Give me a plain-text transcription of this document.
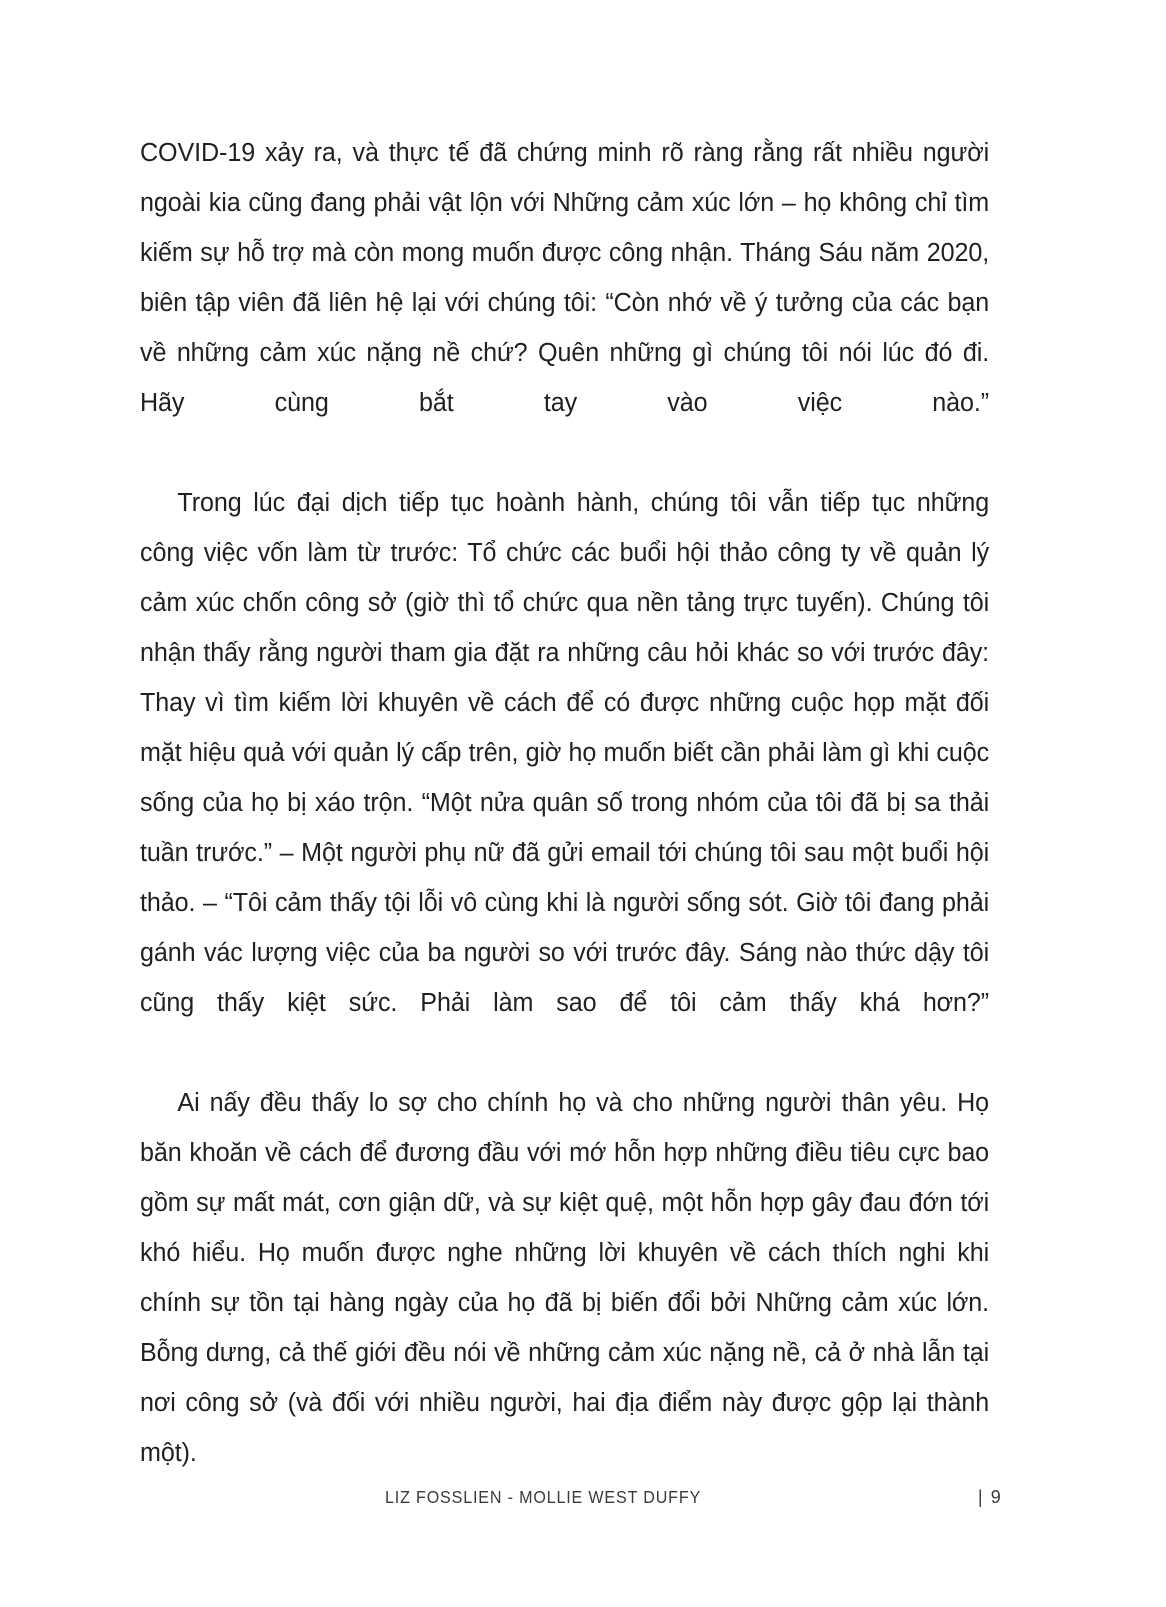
COVID-19 xảy ra, và thực tế đã chứng minh rõ ràng rằng rất nhiều người ngoài kia cũng đang phải vật lộn với Những cảm xúc lớn – họ không chỉ tìm kiếm sự hỗ trợ mà còn mong muốn được công nhận. Tháng Sáu năm 2020, biên tập viên đã liên hệ lại với chúng tôi: “Còn nhớ về ý tưởng của các bạn về những cảm xúc nặng nề chứ? Quên những gì chúng tôi nói lúc đó đi. Hãy cùng bắt tay vào việc nào.”

Trong lúc đại dịch tiếp tục hoành hành, chúng tôi vẫn tiếp tục những công việc vốn làm từ trước: Tổ chức các buổi hội thảo công ty về quản lý cảm xúc chốn công sở (giờ thì tổ chức qua nền tảng trực tuyến). Chúng tôi nhận thấy rằng người tham gia đặt ra những câu hỏi khác so với trước đây: Thay vì tìm kiếm lời khuyên về cách để có được những cuộc họp mặt đối mặt hiệu quả với quản lý cấp trên, giờ họ muốn biết cần phải làm gì khi cuộc sống của họ bị xáo trộn. “Một nửa quân số trong nhóm của tôi đã bị sa thải tuần trước.” – Một người phụ nữ đã gửi email tới chúng tôi sau một buổi hội thảo. – “Tôi cảm thấy tội lỗi vô cùng khi là người sống sót. Giờ tôi đang phải gánh vác lượng việc của ba người so với trước đây. Sáng nào thức dậy tôi cũng thấy kiệt sức. Phải làm sao để tôi cảm thấy khá hơn?”

Ai nấy đều thấy lo sợ cho chính họ và cho những người thân yêu. Họ băn khoăn về cách để đương đầu với mớ hỗn hợp những điều tiêu cực bao gồm sự mất mát, cơn giận dữ, và sự kiệt quệ, một hỗn hợp gây đau đớn tới khó hiểu. Họ muốn được nghe những lời khuyên về cách thích nghi khi chính sự tồn tại hàng ngày của họ đã bị biến đổi bởi Những cảm xúc lớn. Bỗng dưng, cả thế giới đều nói về những cảm xúc nặng nề, cả ở nhà lẫn tại nơi công sở (và đối với nhiều người, hai địa điểm này được gộp lại thành một).

LIZ FOSSLIEN - MOLLIE WEST DUFFY	| 9
